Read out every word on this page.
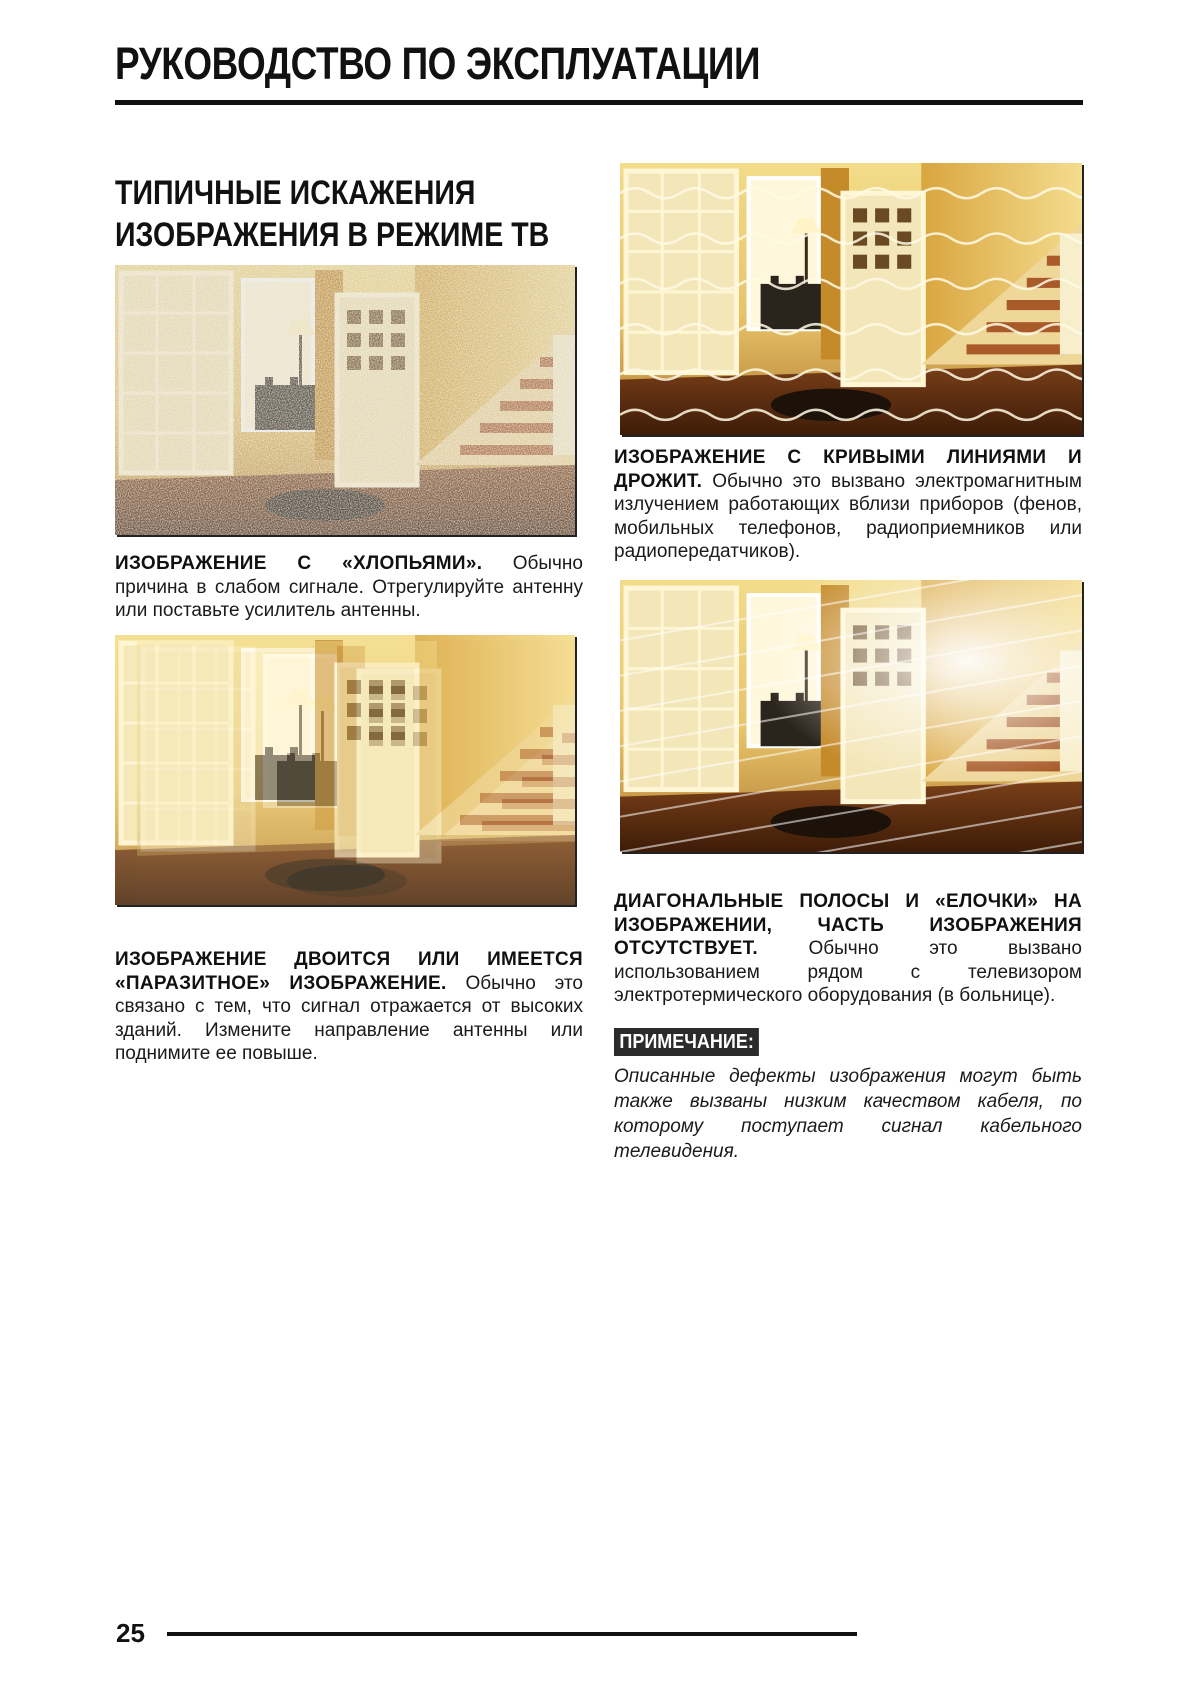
РУКОВОДСТВО ПО ЭКСПЛУАТАЦИИ
ТИПИЧНЫЕ ИСКАЖЕНИЯ
ИЗОБРАЖЕНИЯ В РЕЖИМЕ ТВ

ИЗОБРАЖЕНИЕ С «ХЛОПЬЯМИ». Обычно причина в слабом сигнале. Отрегулируйте антенну или поставьте усилитель антенны.

ИЗОБРАЖЕНИЕ ДВОИТСЯ ИЛИ ИМЕЕТСЯ «ПАРАЗИТНОЕ» ИЗОБРАЖЕНИЕ. Обычно это связано с тем, что сигнал отражается от высоких зданий. Измените направление антенны или поднимите ее повыше.

ИЗОБРАЖЕНИЕ С КРИВЫМИ ЛИНИЯМИ И ДРОЖИТ. Обычно это вызвано электромагнитным излучением работающих вблизи приборов (фенов, мобильных телефонов, радиоприемников или радиопередатчиков).

ДИАГОНАЛЬНЫЕ ПОЛОСЫ И «ЕЛОЧКИ» НА ИЗОБРАЖЕНИИ, ЧАСТЬ ИЗОБРАЖЕНИЯ ОТСУТСТВУЕТ. Обычно это вызвано использованием рядом с телевизором электротермического оборудования (в больнице).

ПРИМЕЧАНИЕ:

Описанные дефекты изображения могут быть также вызваны низким качеством кабеля, по которому поступает сигнал кабельного телевидения.

25
